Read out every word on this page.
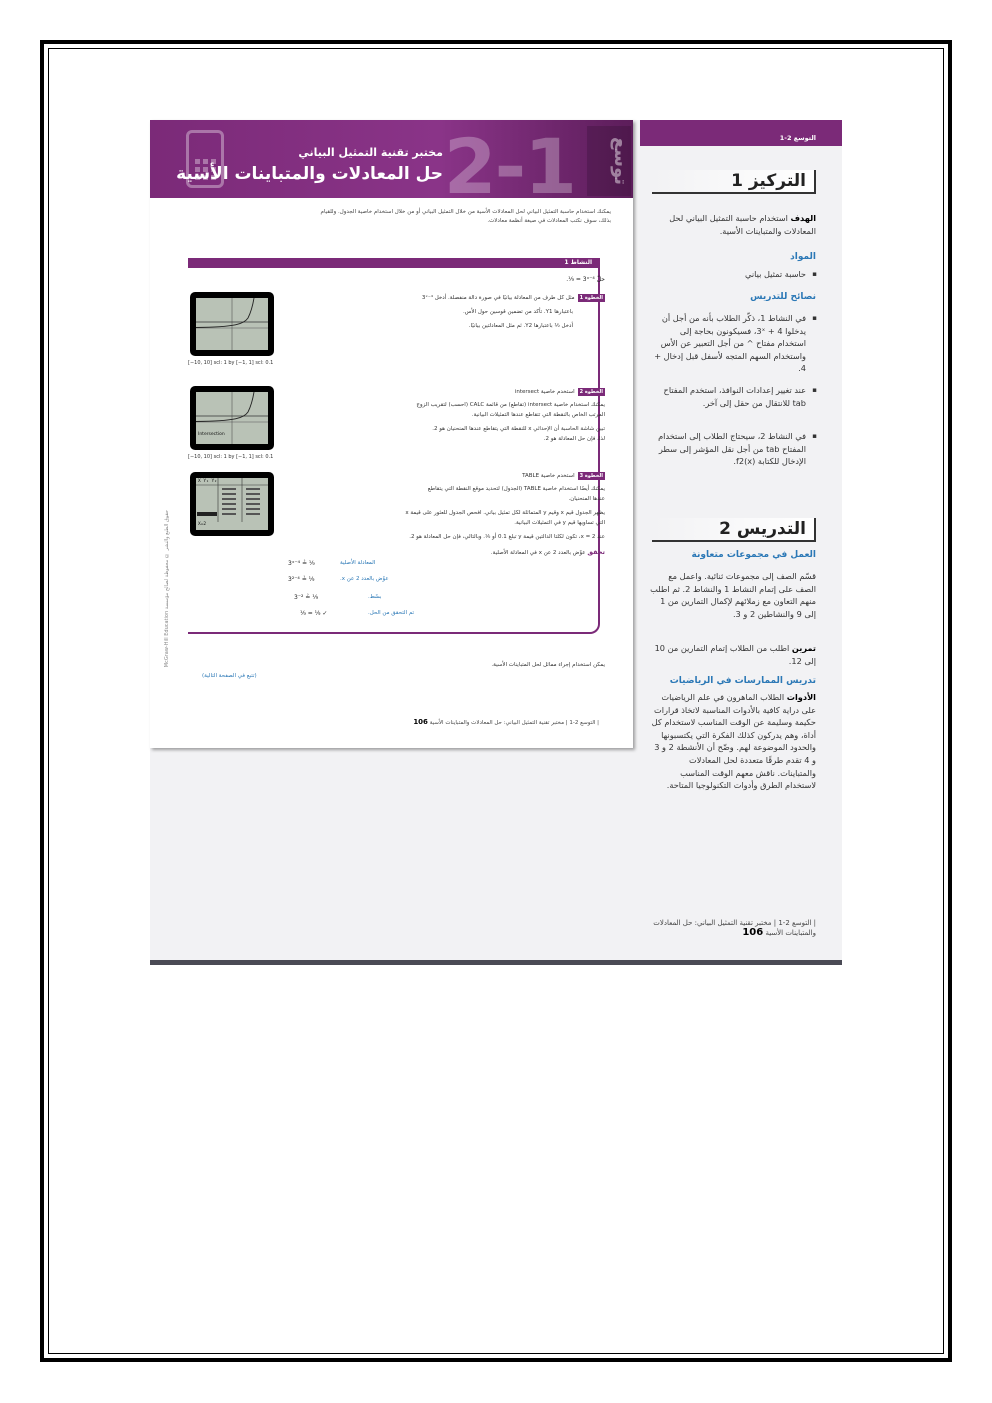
2-1	توسع
مختبر تقنية التمثيل البياني
حل المعادلات والمتباينات الأسية
يمكنك استخدام حاسبة التمثيل البياني لحل المعادلات الأسية من خلال التمثيل البياني أو من خلال استخدام خاصية الجدول. وللقيام بذلك، سوف نكتب المعادلات في صيغة أنظمة معادلات.
النشاط 1
حلّ 3ˣ⁻⁴ = ⅑.
الخطوة 1مثل كل طرف من المعادلة بيانيًا في صورة دالة منفصلة. أدخل 3ˣ⁻⁴
باعتبارها Y1. تأكد من تضمين قوسين حول الأس.
أدخل ⅑ باعتبارها Y2. ثم مثل المعادلتين بيانيًا.
[−10, 10] scl: 1 by [−1, 1] scl: 0.1
الخطوة 2استخدم خاصية intersect
يمكنك استخدام خاصية intersect (تقاطع) من قائمة CALC (احسب) لتقريب الزوج
المرتب الخاص بالنقطة التي تتقاطع عندها التمثيلات البيانية.
تبين شاشة الحاسبة أن الإحداثي x للنقطة التي يتقاطع عندها المنحنيان هو 2.
لذا، فإن حل المعادلة هو 2.
Intersection
[−10, 10] scl: 1 by [−1, 1] scl: 0.1
الخطوة 3استخدم خاصية TABLE
يمكنك أيضًا استخدام خاصية TABLE (الجدول) لتحديد موقع النقطة التي يتقاطع
عندها المنحنيان.
يظهر الجدول قيم x وقيم y المتماثلة لكل تمثيل بياني. افحص الجدول للعثور على قيمة x
التي تساويها قيم y في التمثيلات البيانية.
عند x = 2، تكون لكلتا الدالتين قيمة y تبلغ 0.1 أو ⅑. وبالتالي، فإن حل المعادلة هو 2.
X Y₁ Y₂
X=2
تحقق عوّض بالعدد 2 عن x في المعادلة الأصلية.
3ˣ⁻⁴ ≟ ⅑	المعادلة الأصلية
3²⁻⁴ ≟ ⅑	عوّض بالعدد 2 عن x.
3⁻² ≟ ⅑	بسّط.
⅑ = ⅑ ✓	تم التحقق من الحل.
يمكن استخدام إجراء مماثل لحل المتباينات الأسية.
(تتبع في الصفحة التالية)
McGraw-Hill Education حقوق الطبع والنشر © محفوظة لصالح مؤسسة
| التوسع 2-1 | مختبر تقنية التمثيل البياني: حل المعادلات والمتباينات الأسية 106
التوسع 2-1
1 التركيز
الهدف استخدام حاسبة التمثيل البياني لحل المعادلات والمتباينات الأسية.
المواد
▪ حاسبة تمثيل بياني
نصائح للتدريس
▪ في النشاط 1، ذكّر الطلاب بأنه من أجل أن يدخلوا 3ˣ + 4، فسيكونون بحاجة إلى استخدام مفتاح ^ من أجل التعبير عن الأس واستخدام السهم المتجه لأسفل قبل إدخال + 4.
▪ عند تغيير إعدادات النوافذ، استخدم المفتاح tab للانتقال من حقل إلى آخر.
▪ في النشاط 2، سيحتاج الطلاب إلى استخدام المفتاح tab من أجل نقل المؤشر إلى سطر الإدخال للكتابة f2(x).
2 التدريس
العمل في مجموعات متعاونة
قسّم الصف إلى مجموعات ثنائية. واعمل مع الصف على إتمام النشاط 1 والنشاط 2. ثم اطلب منهم التعاون مع زملائهم لإكمال التمارين من 1 إلى 9 والنشاطين 2 و 3.
تمرين اطلب من الطلاب إتمام التمارين من 10 إلى 12.
تدريس الممارسات في الرياضيات
الأدوات الطلاب الماهرون في علم الرياضيات على دراية كافية بالأدوات المناسبة لاتخاذ قرارات حكيمة وسليمة عن الوقت المناسب لاستخدام كل أداة، وهم يدركون كذلك الفكرة التي يكتسبونها والحدود الموضوعة لهم. وضّح أن الأنشطة 2 و 3 و 4 تقدم طرقًا متعددة لحل المعادلات والمتباينات. ناقش معهم الوقت المناسب لاستخدام الطرق وأدوات التكنولوجيا المتاحة.
| التوسع 2-1 | مختبر تقنية التمثيل البياني: حل المعادلات والمتباينات الأسية 106
